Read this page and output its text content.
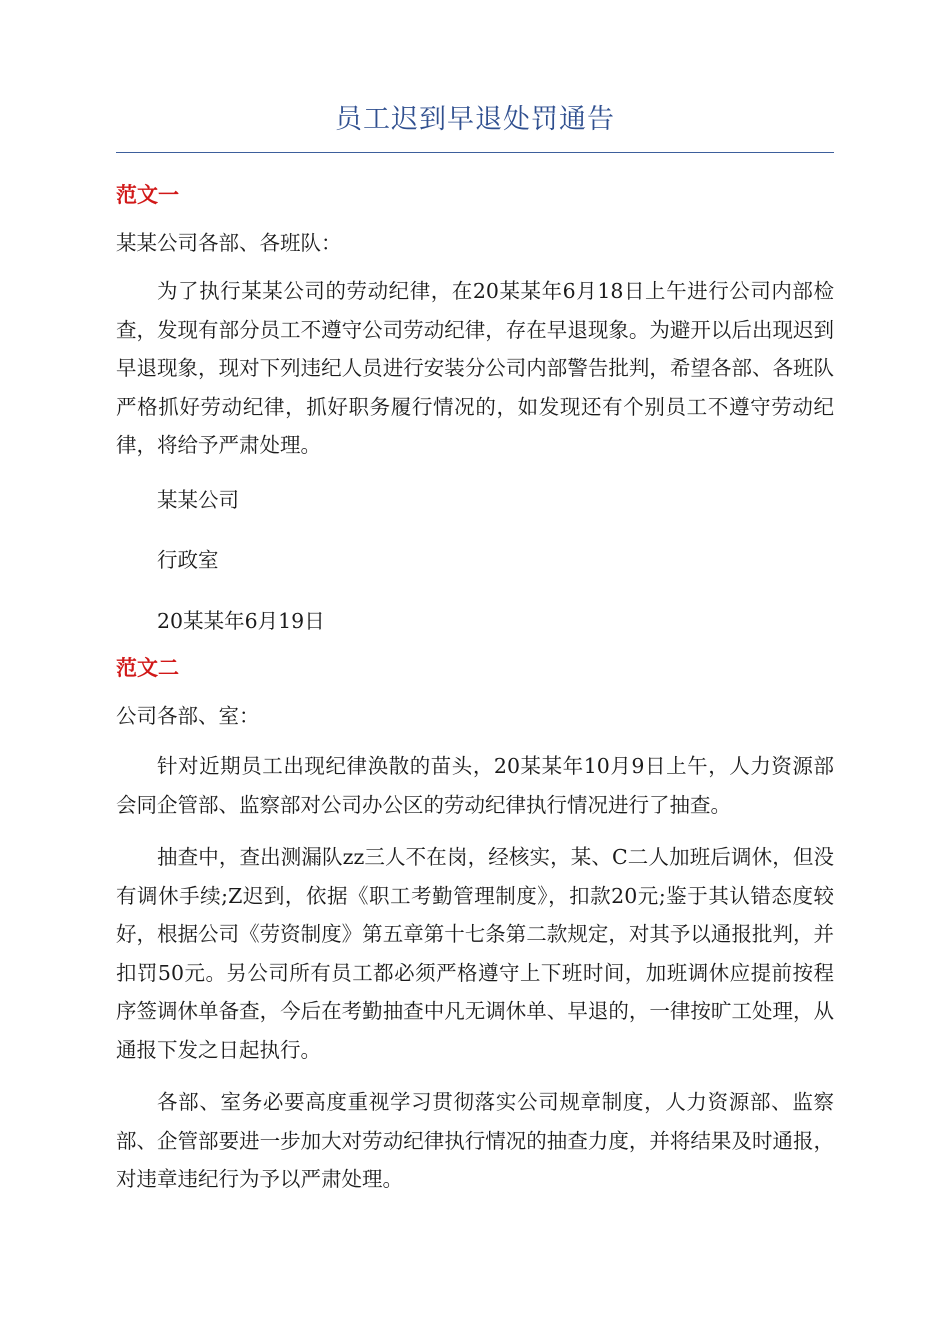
员工迟到早退处罚通告
范文一

某某公司各部、各班队：

为了执行某某公司的劳动纪律，在20某某年6月18日上午进行公司内部检查，发现有部分员工不遵守公司劳动纪律，存在早退现象。为避开以后出现迟到早退现象，现对下列违纪人员进行安装分公司内部警告批判，希望各部、各班队严格抓好劳动纪律，抓好职务履行情况的，如发现还有个别员工不遵守劳动纪律，将给予严肃处理。

某某公司

行政室

20某某年6月19日

范文二

公司各部、室：

针对近期员工出现纪律涣散的苗头，20某某年10月9日上午，人力资源部会同企管部、监察部对公司办公区的劳动纪律执行情况进行了抽查。

抽查中，查出测漏队zz三人不在岗，经核实，某、C二人加班后调休，但没有调休手续;Z迟到，依据《职工考勤管理制度》，扣款20元;鉴于其认错态度较好，根据公司《劳资制度》第五章第十七条第二款规定，对其予以通报批判，并扣罚50元。另公司所有员工都必须严格遵守上下班时间，加班调休应提前按程序签调休单备查，今后在考勤抽查中凡无调休单、早退的，一律按旷工处理，从通报下发之日起执行。

各部、室务必要高度重视学习贯彻落实公司规章制度，人力资源部、监察部、企管部要进一步加大对劳动纪律执行情况的抽查力度，并将结果及时通报，对违章违纪行为予以严肃处理。
